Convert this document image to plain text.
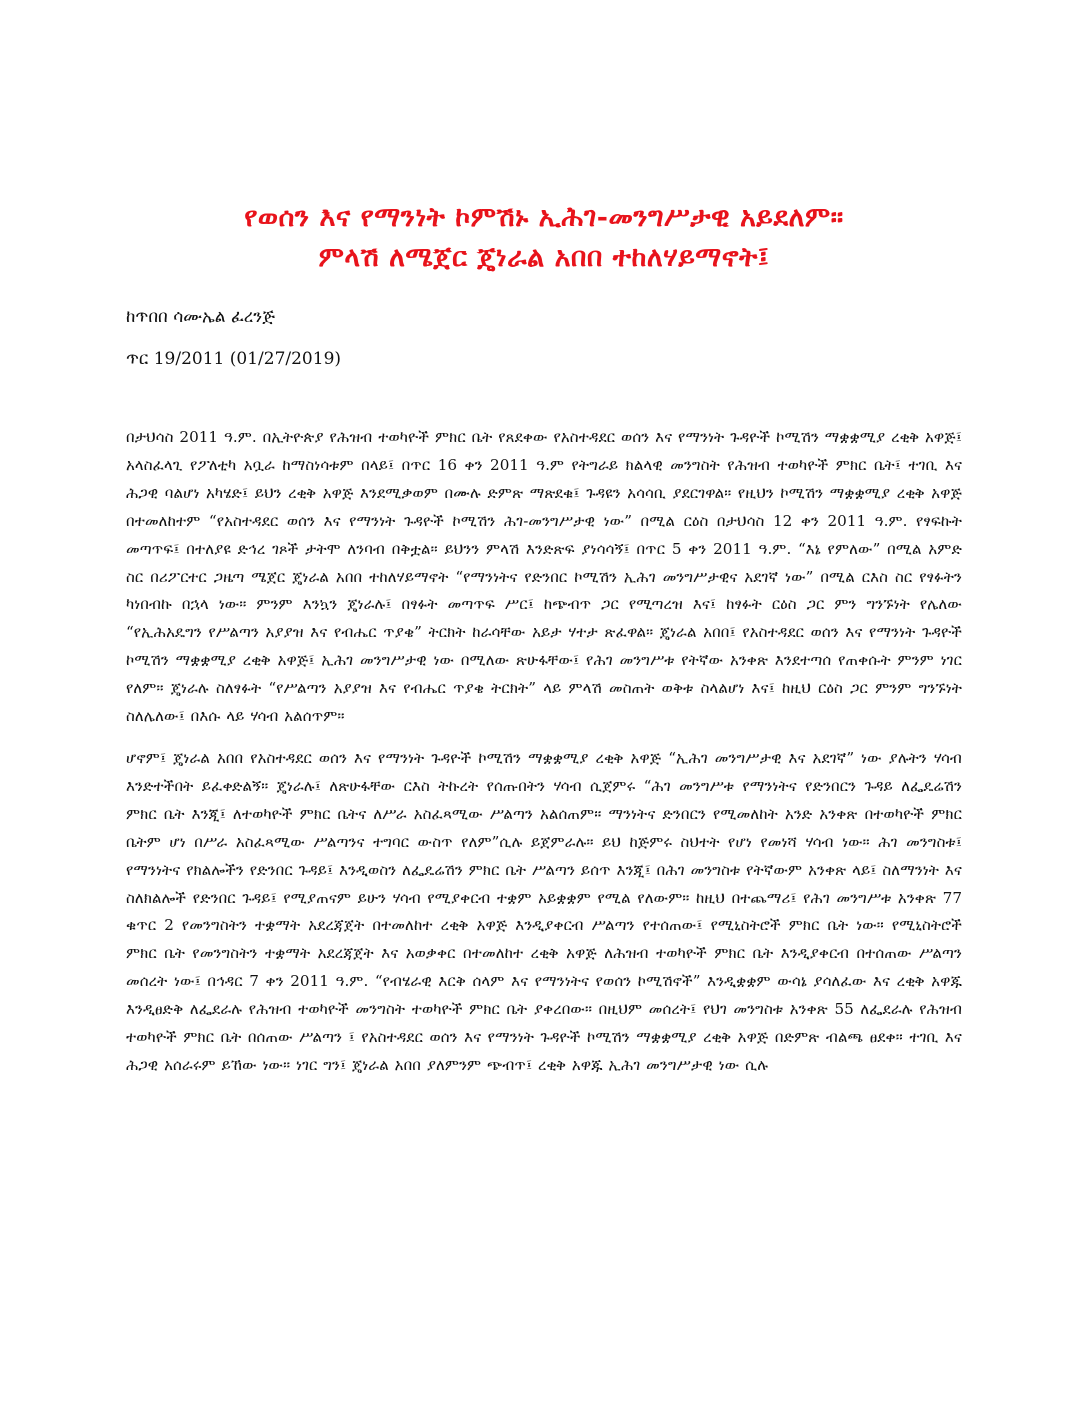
የወሰን እና የማንነት ኮምሽኑ ኢሕገ-መንግሥታዊ አይደለም።
ምላሽ ለሜጀር ጄነራል አበበ ተከለሃይማኖት፤
ከጥበበ ሳሙኤል ፈረንጅ
ጥር 19/2011 (01/27/2019)

በታህሳስ 2011 ዓ.ም. በኢትዮጵያ የሕዝብ ተወካዮች ምክር ቤት የጸደቀው የአስተዳደር ወሰን እና የማንነት ጉዳዮች ኮሚሽን ማቋቋሚያ ረቂቅ አዋጅ፤ አላስፈላጊ የፖለቲካ አቧራ ከማስነሳቱም በላይ፤ በጥር 16 ቀን 2011 ዓ.ም የትግራይ ክልላዊ መንግስት የሕዝብ ተወካዮች ምክር ቤት፤ ተገቢ እና ሕጋዊ ባልሆነ አካሄድ፤ ይህን ረቂቅ አዋጅ እንደሚቃወም በሙሉ ድምጽ ማጽደቁ፤ ጉዳዩን አሳሳቢ ያደርገዋል። የዚህን ኮሚሽን ማቋቋሚያ ረቂቅ አዋጅ በተመለከተም “የአስተዳደር ወሰን እና የማንነት ጉዳዮች ኮሚሽን ሕገ-መንግሥታዊ ነው” በሚል ርዕስ በታህሳስ 12 ቀን 2011 ዓ.ም. የፃፍኩት መጣጥፍ፤ በተለያዩ ድኅረ ገጾች ታትሞ ለንባብ በቅቷል። ይህንን ምላሽ እንድጽፍ ያነሳሳኝ፤ በጥር 5 ቀን 2011 ዓ.ም. “እኔ የምለው” በሚል አምድ ስር በሪፖርተር ጋዜጣ ሜጀር ጄነራል አበበ ተከለሃይማኖት “የማንነትና የድንበር ኮሚሽን ኢሕገ መንግሥታዊና አደገኛ ነው” በሚል ርእስ ስር የፃፉትን ካነበብኩ በኋላ ነው። ምንም እንኳን ጄነራሉ፤ በፃፉት መጣጥፍ ሥር፤ ከጭብጥ ጋር የሚጣረዝ እና፤ ከፃፉት ርዕስ ጋር ምን ግንኙነት የሌለው “የኢሕአዴግን የሥልጣን አያያዝ እና የብሔር ጥያቄ” ትርክት ከራሳቸው አይታ ሃተታ ጽፈዋል። ጄነራል አበበ፤ የአስተዳደር ወሰን እና የማንነት ጉዳዮች ኮሚሽን ማቋቋሚያ ረቂቅ አዋጅ፤ ኢሕገ መንግሥታዊ ነው በሚለው ጽሁፋቸው፤ የሕገ መንግሥቱ የትኛው አንቀጽ እንደተጣሰ የጠቀሱት ምንም ነገር የለም። ጄነራሉ ስለፃፉት “የሥልጣን አያያዝ እና የብሔር ጥያቄ ትርክት” ላይ ምላሽ መስጠት ወቅቱ ስላልሆነ እና፤ ከዚህ ርዕስ ጋር ምንም ግንኙነት ስለሌለው፤ በእሱ ላይ ሃሳብ አልሰጥም።

ሆኖም፤ ጄነራል አበበ የአስተዳደር ወሰን እና የማንነት ጉዳዮች ኮሚሽን ማቋቋሚያ ረቂቅ አዋጅ “ኢሕገ መንግሥታዊ እና አደገኛ” ነው ያሉትን ሃሳብ እንድተችበት ይፈቀድልኝ። ጄነራሉ፤ ለጽሁፋቸው ርእስ ትኩረት የሰጡበትን ሃሳብ ሲጀምሩ “ሕገ መንግሥቱ የማንነትና የድንበርን ጉዳይ ለፌዴሬሽን ምክር ቤት እንጂ፤ ለተወካዮች ምክር ቤትና ለሥራ አስፈጻሚው ሥልጣን አልሰጠም፡፡ ማንነትና ድንበርን የሚመለከት አንድ አንቀጽ በተወካዮች ምክር ቤትም ሆነ በሥራ አስፈጻሚው ሥልጣንና ተግባር ውስጥ የለም”ሲሉ ይጀምራሉ። ይህ ከጅምሩ ስህተት የሆነ የመነሻ ሃሳብ ነው። ሕገ መንግስቱ፤ የማንነትና የክልሎችን የድንበር ጉዳይ፤ እንዲወስን ለፌዴሬሽን ምክር ቤት ሥልጣን ይሰጥ እንጂ፤ በሕገ መንግስቱ የትኛውም አንቀጽ ላይ፤ ስለማንነት እና ስለክልሎች የድንበር ጉዳይ፤ የሚያጠናም ይሁን ሃሳብ የሚያቀርብ ተቋም አይቋቋም የሚል የለውም። ከዚህ በተጨማሪ፤ የሕገ መንግሥቱ አንቀጽ 77 ቁጥር 2 የመንግስትን ተቋማት አደረጃጀት በተመለከተ ረቂቅ አዋጅ እንዲያቀርብ ሥልጣን የተሰጠው፤ የሚኒስትሮች ምክር ቤት ነው። የሚኒስትሮች ምክር ቤት የመንግስትን ተቋማት አደረጃጀት እና አወቃቀር በተመለከተ ረቂቅ አዋጅ ለሕዝብ ተወካዮች ምክር ቤት እንዲያቀርብ በተሰጠው ሥልጣን መሰረት ነው፤ በኅዳር 7 ቀን 2011 ዓ.ም. “የብሄራዊ እርቅ ሰላም እና የማንነትና የወሰን ኮሚሽኖች” እንዲቋቋም ውሳኔ ያሳለፈው እና ረቂቅ አዋጁ እንዲፀድቅ ለፌደራሉ የሕዝብ ተወካዮች መንግስት ተወካዮች ምክር ቤት ያቀረበው። በዚህም መሰረት፤ የህገ መንግስቱ አንቀጽ 55 ለፌደራሉ የሕዝብ ተወካዮች ምክር ቤት በሰጠው ሥልጣን ፤ የአስተዳደር ወሰን እና የማንነት ጉዳዮች ኮሚሽን ማቋቋሚያ ረቂቅ አዋጅ በድምጽ ብልጫ ፀደቀ። ተገቢ እና ሕጋዊ አሰራሩም ይኸው ነው። ነገር ግን፤ ጄነራል አበበ ያለምንም ጭብጥ፤ ረቂቅ አዋጁ ኢሕገ መንግሥታዊ ነው ሲሉ
